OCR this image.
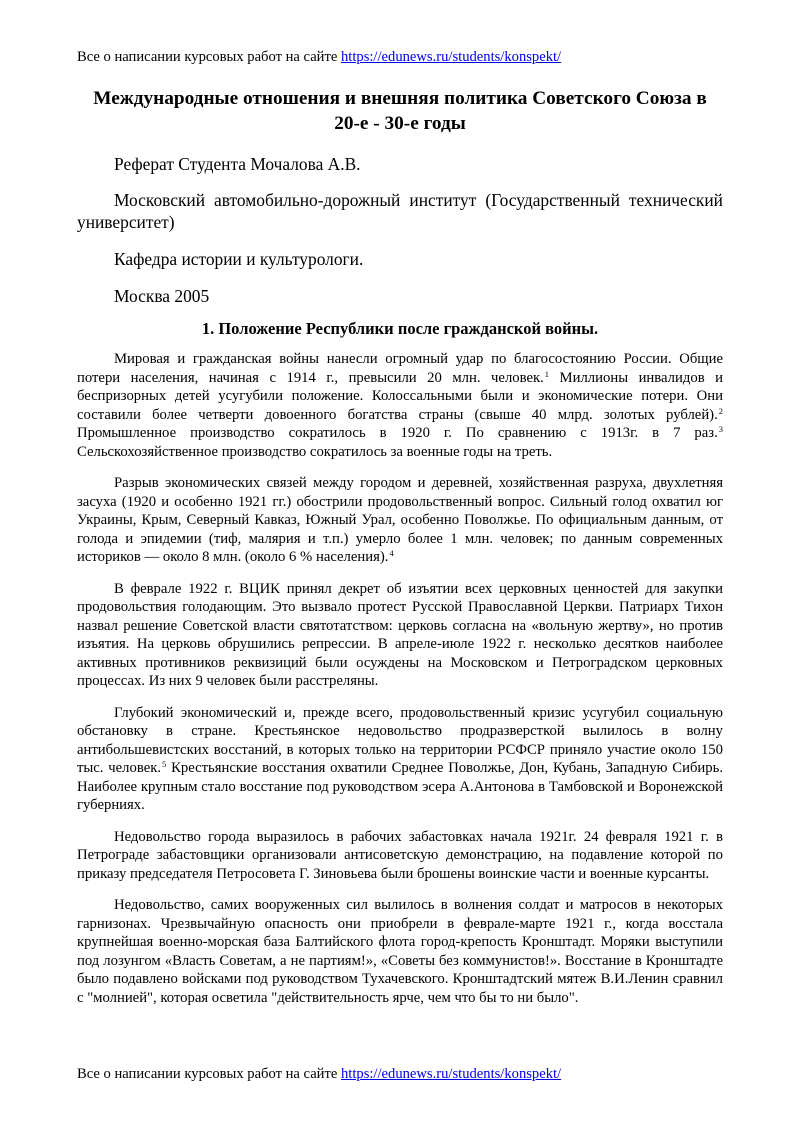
Все о написании курсовых работ на сайте https://edunews.ru/students/konspekt/
Международные отношения и внешняя политика Советского Союза в 20-е - 30-е годы

Реферат Студента Мочалова А.В.

Московский автомобильно-дорожный институт (Государственный технический университет)

Кафедра истории и культурологи.

Москва 2005

1. Положение Республики после гражданской войны.

Мировая и гражданская войны нанесли огромный удар по благосостоянию России. Общие потери населения, начиная с 1914 г., превысили 20 млн. человек.$^1$ Миллионы инвалидов и беспризорных детей усугубили положение. Колоссальными были и экономические потери. Они составили более четверти довоенного богатства страны (свыше 40 млрд. золотых рублей).$^2$ Промышленное производство сократилось в 1920 г. По сравнению с 1913г. в 7 раз.$^3$ Сельскохозяйственное производство сократилось за военные годы на треть.

Разрыв экономических связей между городом и деревней, хозяйственная разруха, двухлетняя засуха (1920 и особенно 1921 гг.) обострили продовольственный вопрос. Сильный голод охватил юг Украины, Крым, Северный Кавказ, Южный Урал, особенно Поволжье. По официальным данным, от голода и эпидемии (тиф, малярия и т.п.) умерло более 1 млн. человек; по данным современных историков — около 8 млн. (около 6 % населения).$^4$

В феврале 1922 г. ВЦИК принял декрет об изъятии всех церковных ценностей для закупки продовольствия голодающим. Это вызвало протест Русской Православной Церкви. Патриарх Тихон назвал решение Советской власти святотатством: церковь согласна на «вольную жертву», но против изъятия. На церковь обрушились репрессии. В апреле-июле 1922 г. несколько десятков наиболее активных противников реквизиций были осуждены на Московском и Петроградском церковных процессах. Из них 9 человек были расстреляны.

Глубокий экономический и, прежде всего, продовольственный кризис усугубил социальную обстановку в стране. Крестьянское недовольство продразверсткой вылилось в волну антибольшевистских восстаний, в которых только на территории РСФСР приняло участие около 150 тыс. человек.$^5$ Крестьянские восстания охватили Среднее Поволжье, Дон, Кубань, Западную Сибирь. Наиболее крупным стало восстание под руководством эсера А.Антонова в Тамбовской и Воронежской губерниях.

Недовольство города выразилось в рабочих забастовках начала 1921г. 24 февраля 1921 г. в Петрограде забастовщики организовали антисоветскую демонстрацию, на подавление которой по приказу председателя Петросовета Г. Зиновьева были брошены воинские части и военные курсанты.

Недовольство, самих вооруженных сил вылилось в волнения солдат и матросов в некоторых гарнизонах. Чрезвычайную опасность они приобрели в феврале-марте 1921 г., когда восстала крупнейшая военно-морская база Балтийского флота город-крепость Кронштадт. Моряки выступили под лозунгом «Власть Советам, а не партиям!», «Советы без коммунистов!». Восстание в Кронштадте было подавлено войсками под руководством Тухачевского. Кронштадтский мятеж В.И.Ленин сравнил с "молнией", которая осветила "действительность ярче, чем что бы то ни было".

Все о написании курсовых работ на сайте https://edunews.ru/students/konspekt/
